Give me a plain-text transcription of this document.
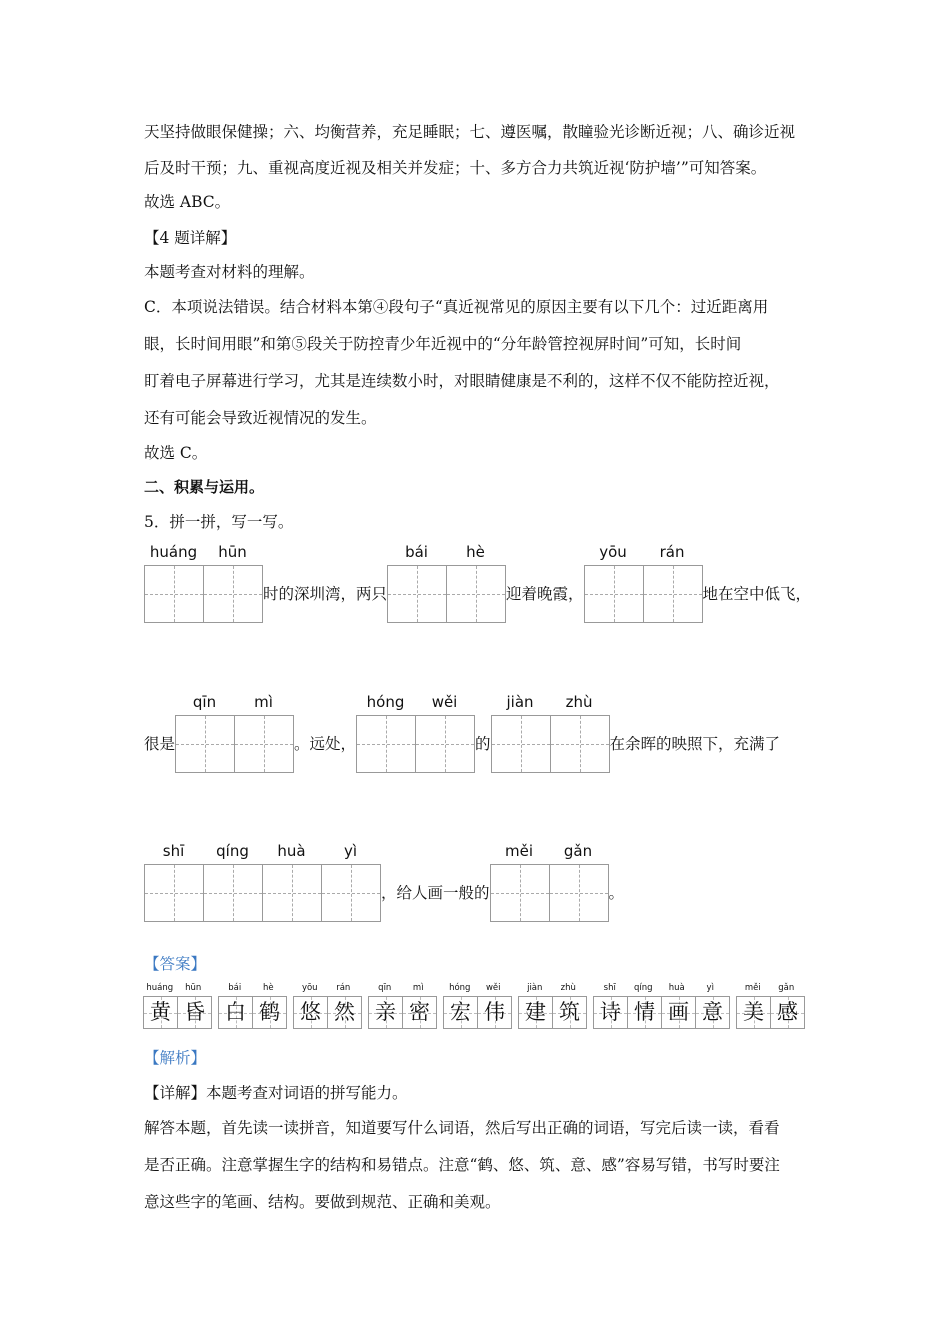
天坚持做眼保健操；六、均衡营养，充足睡眠；七、遵医嘱，散瞳验光诊断近视；八、确诊近视
后及时干预；九、重视高度近视及相关并发症；十、多方合力共筑近视‘防护墙’”可知答案。
故选 ABC。
【4 题详解】
本题考查对材料的理解。
C．本项说法错误。结合材料本第④段句子“真近视常见的原因主要有以下几个：过近距离用
眼，长时间用眼”和第⑤段关于防控青少年近视中的“分年龄管控视屏时间”可知，长时间
盯着电子屏幕进行学习，尤其是连续数小时，对眼睛健康是不利的，这样不仅不能防控近视，
还有可能会导致近视情况的发生。
故选 C。
二、积累与运用。
5．拼一拼，写一写。
huáng	hūn
时的深圳湾，两只
bái	hè
迎着晚霞，
yōu	rán
地在空中低飞，
很是
qīn	mì
。远处，
hóng	wěi
的
jiàn	zhù
在余晖的映照下，充满了
shī	qíng	huà	yì
，给人画一般的
měi	gǎn
。
【答案】
huáng	hūn
黄 昏
bái	hè
白 鹤
yōu	rán
悠 然
qīn	mì
亲 密
hóng	wěi
宏 伟
jiàn	zhù
建 筑
shī	qíng	huà	yì
诗 情 画 意
měi	gǎn
美 感
【解析】
【详解】本题考查对词语的拼写能力。
解答本题，首先读一读拼音，知道要写什么词语，然后写出正确的词语，写完后读一读，看看
是否正确。注意掌握生字的结构和易错点。注意“鹤、悠、筑、意、感”容易写错，书写时要注
意这些字的笔画、结构。要做到规范、正确和美观。
